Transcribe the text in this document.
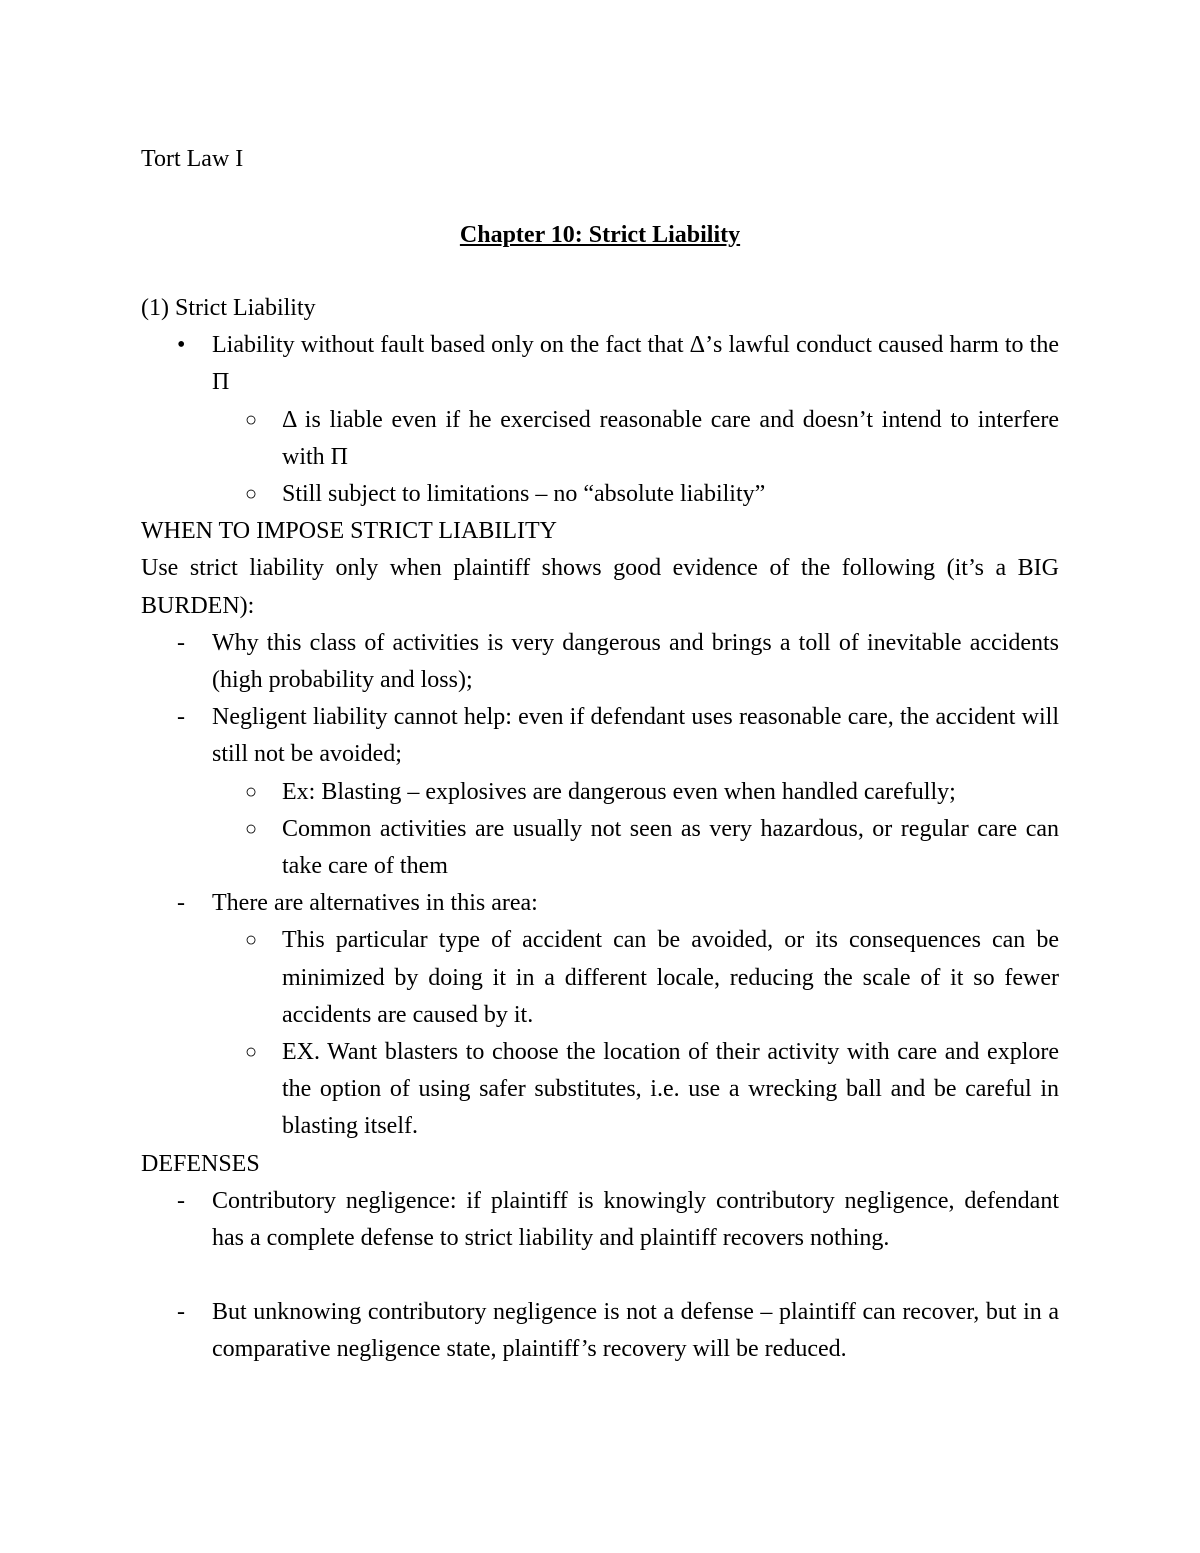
Tort Law I
Chapter 10: Strict Liability

(1) Strict Liability

• Liability without fault based only on the fact that Δ’s lawful conduct caused harm to the Π
○ Δ is liable even if he exercised reasonable care and doesn’t intend to interfere with Π
○ Still subject to limitations – no “absolute liability”

WHEN TO IMPOSE STRICT LIABILITY

Use strict liability only when plaintiff shows good evidence of the following (it’s a BIG BURDEN):

- Why this class of activities is very dangerous and brings a toll of inevitable accidents (high probability and loss);
- Negligent liability cannot help: even if defendant uses reasonable care, the accident will still not be avoided;
○ Ex: Blasting – explosives are dangerous even when handled carefully;
○ Common activities are usually not seen as very hazardous, or regular care can take care of them
- There are alternatives in this area:
○ This particular type of accident can be avoided, or its consequences can be minimized by doing it in a different locale, reducing the scale of it so fewer accidents are caused by it.
○ EX. Want blasters to choose the location of their activity with care and explore the option of using safer substitutes, i.e. use a wrecking ball and be careful in blasting itself.

DEFENSES

- Contributory negligence: if plaintiff is knowingly contributory negligence, defendant has a complete defense to strict liability and plaintiff recovers nothing.
- But unknowing contributory negligence is not a defense – plaintiff can recover, but in a comparative negligence state, plaintiff’s recovery will be reduced.
